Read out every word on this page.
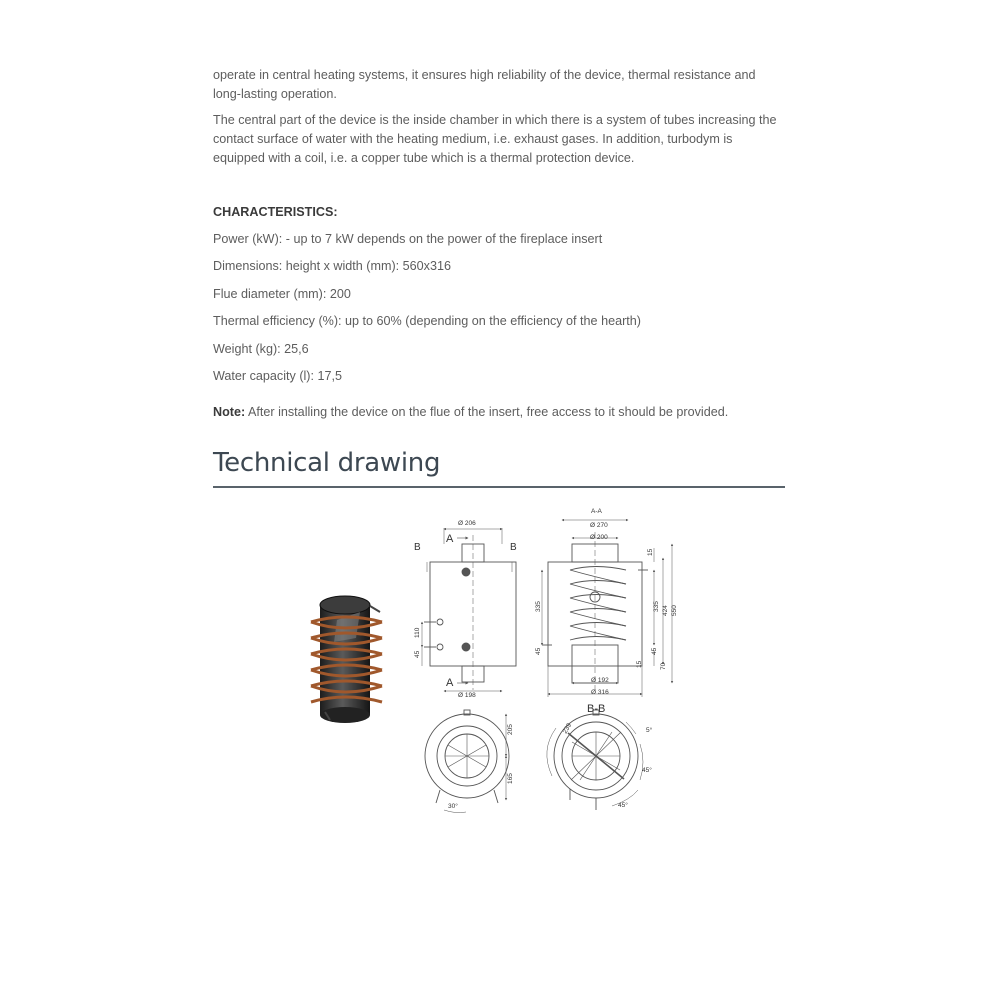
operate in central heating systems, it ensures high reliability of the device, thermal resistance and long-lasting operation.

The central part of the device is the inside chamber in which there is a system of tubes increasing the contact surface of water with the heating medium, i.e. exhaust gases. In addition, turbodym is equipped with a coil, i.e. a copper tube which is a thermal protection device.

CHARACTERISTICS:
Power (kW): - up to 7 kW depends on the power of the fireplace insert
Dimensions: height x width (mm): 560x316
Flue diameter (mm): 200
Thermal efficiency (%): up to 60% (depending on the efficiency of the hearth)
Weight (kg): 25,6
Water capacity (l): 17,5
Note: After installing the device on the flue of the insert, free access to it should be provided.
Technical drawing
Ø 206
Ø 198
A
A
B	B
110
45
A-A
Ø 270
Ø 200
Ø 192
Ø 316
335	335 424 550
15
45	45
70
15
205
165
30°
B-B
239
45°
45°
5°
